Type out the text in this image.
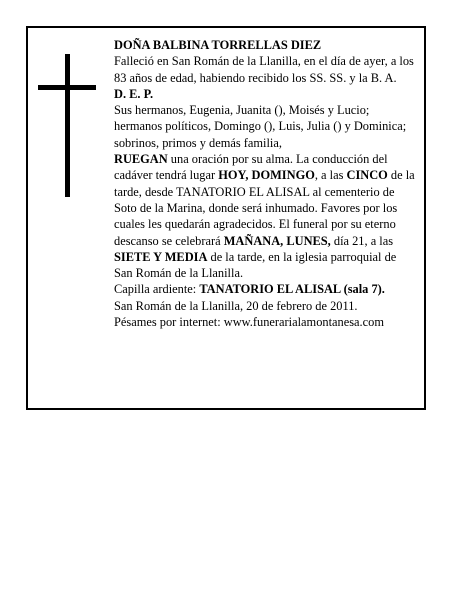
DOÑA BALBINA TORRELLAS DIEZ

Falleció en San Román de la Llanilla, en el día de ayer, a los 83 años de edad, habiendo recibido los SS. SS. y la B. A.

D. E. P.

Sus hermanos, Eugenia, Juanita (), Moisés y Lucio; hermanos políticos, Domingo (), Luis, Julia () y Dominica; sobrinos, primos y demás familia,

RUEGAN una oración por su alma. La conducción del cadáver tendrá lugar HOY, DOMINGO, a las CINCO de la tarde, desde TANATORIO EL ALISAL al cementerio de Soto de la Marina, donde será inhumado. Favores por los cuales les quedarán agradecidos. El funeral por su eterno descanso se celebrará MAÑANA, LUNES, día 21, a las SIETE Y MEDIA de la tarde, en la iglesia parroquial de San Román de la Llanilla.

Capilla ardiente: TANATORIO EL ALISAL (sala 7).

San Román de la Llanilla, 20 de febrero de 2011.

Pésames por internet: www.funerarialamontanesa.com
